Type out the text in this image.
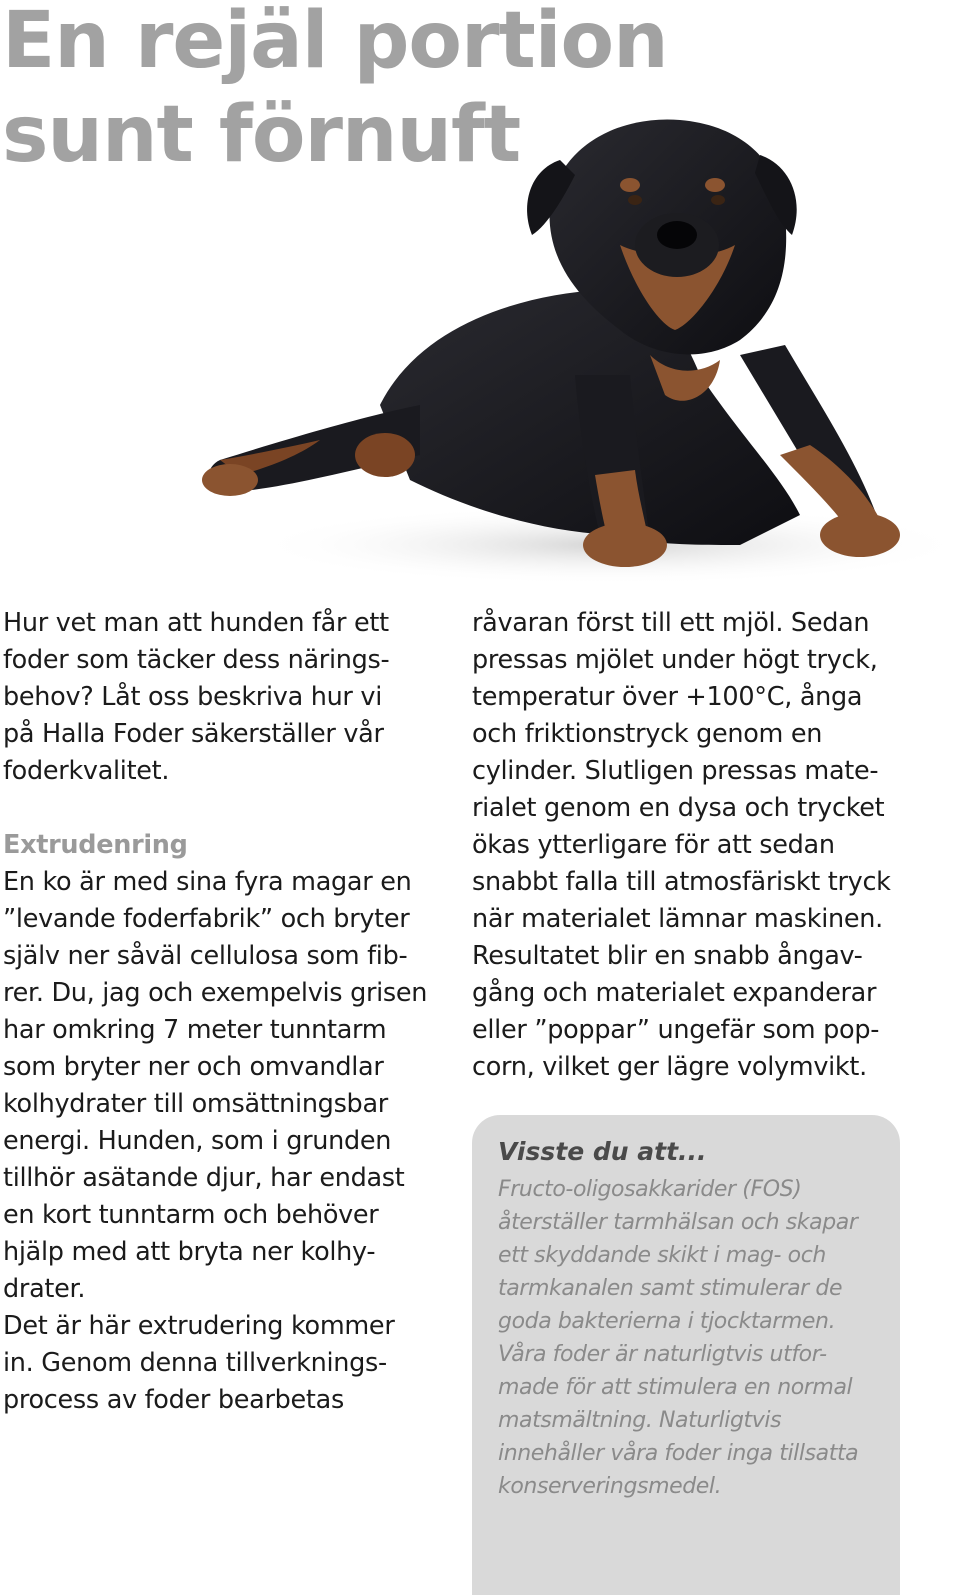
En rejäl portion
sunt förnuft

Hur vet man att hunden får ett
foder som täcker dess närings-
behov? Låt oss beskriva hur vi
på Halla Foder säkerställer vår
foderkvalitet.

Extrudenring

En ko är med sina fyra magar en
”levande foderfabrik” och bryter
själv ner såväl cellulosa som fib-
rer. Du, jag och exempelvis grisen
har omkring 7 meter tunntarm
som bryter ner och omvandlar
kolhydrater till omsättningsbar
energi. Hunden, som i grunden
tillhör asätande djur, har endast
en kort tunntarm och behöver
hjälp med att bryta ner kolhy-
drater.
Det är här extrudering kommer
in. Genom denna tillverknings-
process av foder bearbetas

råvaran först till ett mjöl. Sedan
pressas mjölet under högt tryck,
temperatur över +100°C, ånga
och friktionstryck genom en
cylinder. Slutligen pressas mate-
rialet genom en dysa och trycket
ökas ytterligare för att sedan
snabbt falla till atmosfäriskt tryck
när materialet lämnar maskinen.
Resultatet blir en snabb ångav-
gång och materialet expanderar
eller ”poppar” ungefär som pop-
corn, vilket ger lägre volymvikt.

Visste du att...

Fructo-oligosakkarider (FOS)
återställer tarmhälsan och skapar
ett skyddande skikt i mag- och
tarmkanalen samt stimulerar de
goda bakterierna i tjocktarmen.
Våra foder är naturligtvis utfor-
made för att stimulera en normal
matsmältning. Naturligtvis
innehåller våra foder inga tillsatta
konserveringsmedel.
